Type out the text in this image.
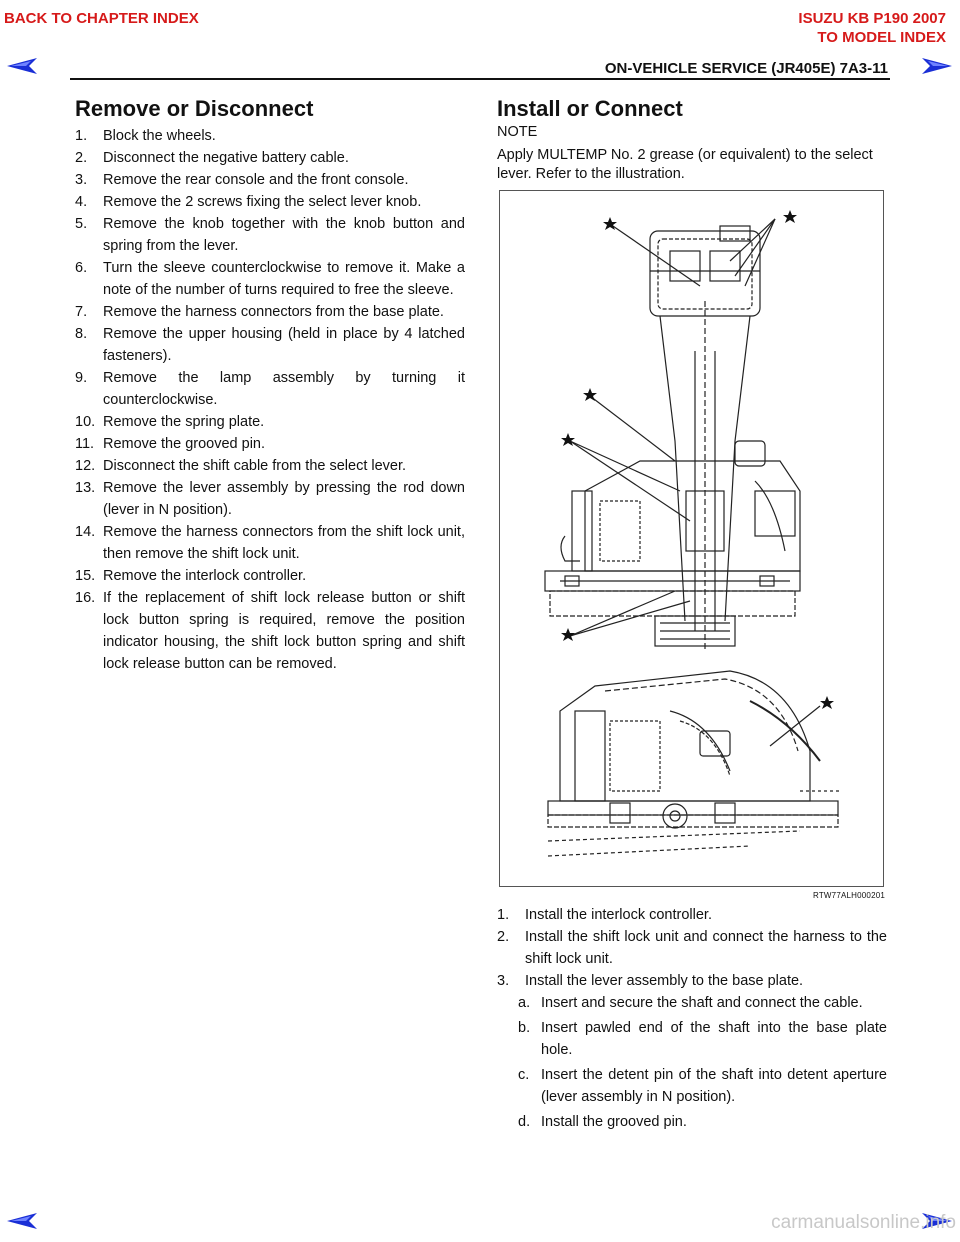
BACK TO CHAPTER INDEX	ISUZU KB P190 2007
TO MODEL INDEX
ON-VEHICLE SERVICE (JR405E) 7A3-11
Remove or Disconnect
1.	Block the wheels.
2.	Disconnect the negative battery cable.
3.	Remove the rear console and the front console.
4.	Remove the 2 screws fixing the select lever knob.
5.	Remove the knob together with the knob button and spring from the lever.
6.	Turn the sleeve counterclockwise to remove it. Make a note of the number of turns required to free the sleeve.
7.	Remove the harness connectors from the base plate.
8.	Remove the upper housing (held in place by 4 latched fasteners).
9.	Remove the lamp assembly by turning it counterclockwise.
10. Remove the spring plate.
11. Remove the grooved pin.
12. Disconnect the shift cable from the select lever.
13. Remove the lever assembly by pressing the rod down (lever in N position).
14. Remove the harness connectors from the shift lock unit, then remove the shift lock unit.
15. Remove the interlock controller.
16. If the replacement of shift lock release button or shift lock button spring is required, remove the position indicator housing, the shift lock button spring and shift lock release button can be removed.
Install or Connect
NOTE
Apply MULTEMP No. 2 grease (or equivalent) to the select lever. Refer to the illustration.
RTW77ALH000201
1.	Install the interlock controller.
2.	Install the shift lock unit and connect the harness to the shift lock unit.
3.	Install the lever assembly to the base plate.
a. Insert and secure the shaft and connect the cable.
b. Insert pawled end of the shaft into the base plate hole.
c. Insert the detent pin of the shaft into detent aperture (lever assembly in N position).
d. Install the grooved pin.
carmanualsonline.info
